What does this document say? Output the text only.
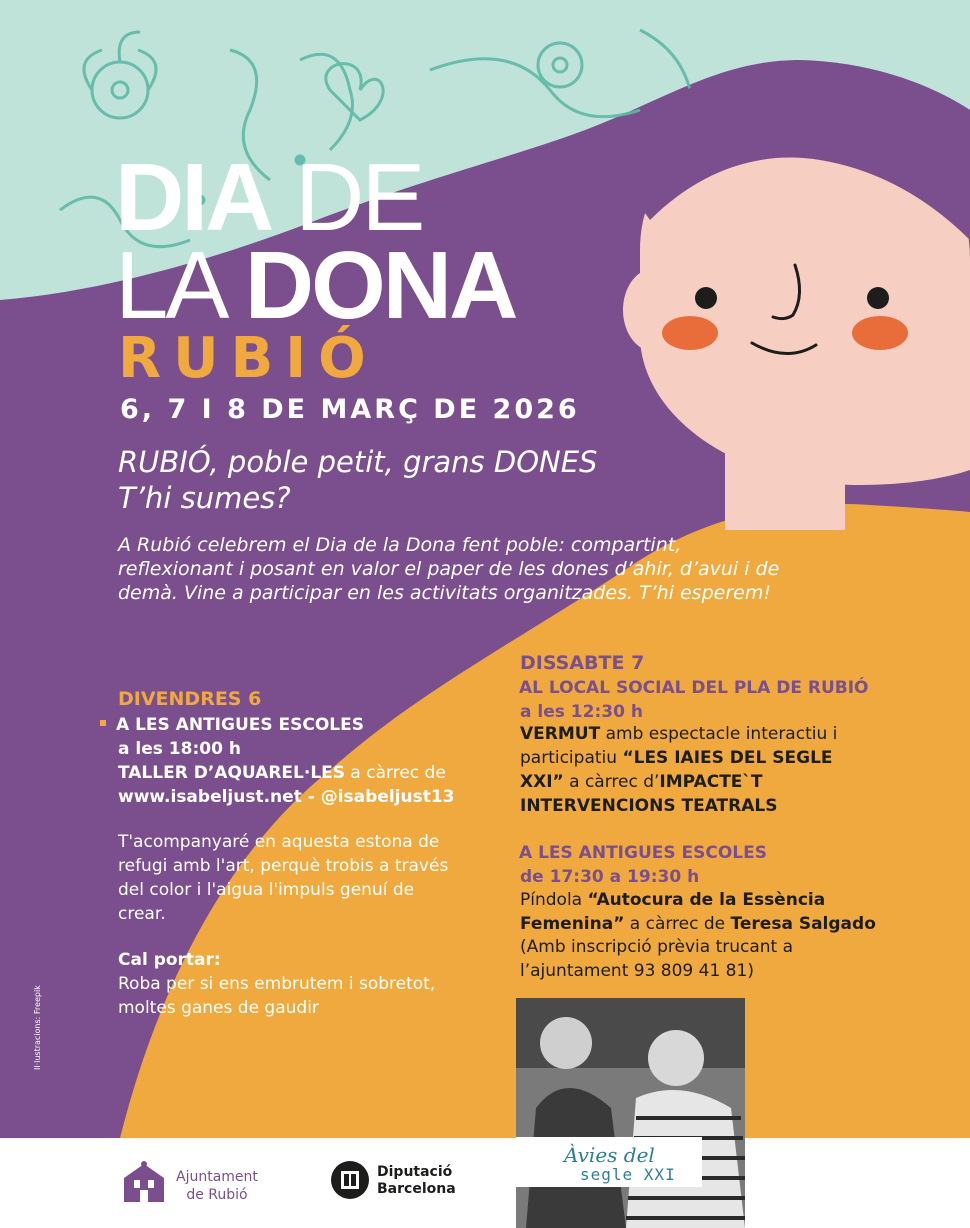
DIA DE
LA DONA
RUBIÓ
6, 7 I 8 DE MARÇ DE 2026
RUBIÓ, poble petit, grans DONES
T’hi sumes?
A Rubió celebrem el Dia de la Dona fent poble: compartint, reflexionant i posant en valor el paper de les dones d’ahir, d’avui i de demà. Vine a participar en les activitats organitzades. T’hi esperem!
DIVENDRES 6
A LES ANTIGUES ESCOLES
a les 18:00 h
TALLER D’AQUAREL·LES a càrrec de
www.isabeljust.net - @isabeljust13
T'acompanyaré en aquesta estona de refugi amb l'art, perquè trobis a través del color i l'aigua l'impuls genuí de crear.
Cal portar:
Roba per si ens embrutem i sobretot, moltes ganes de gaudir
DISSABTE 7
AL LOCAL SOCIAL DEL PLA DE RUBIÓ
a les 12:30 h
VERMUT amb espectacle interactiu i participatiu “LES IAIES DEL SEGLE XXI” a càrrec d’IMPACTE`T INTERVENCIONS TEATRALS
A LES ANTIGUES ESCOLES
de 17:30 a 19:30 h
Píndola “Autocura de la Essència Femenina” a càrrec de Teresa Salgado
(Amb inscripció prèvia trucant a l’ajuntament 93 809 41 81)
Àvies del
segle XXI
Il·lustracions: Freepik
Ajuntament
de Rubió
Diputació
Barcelona
